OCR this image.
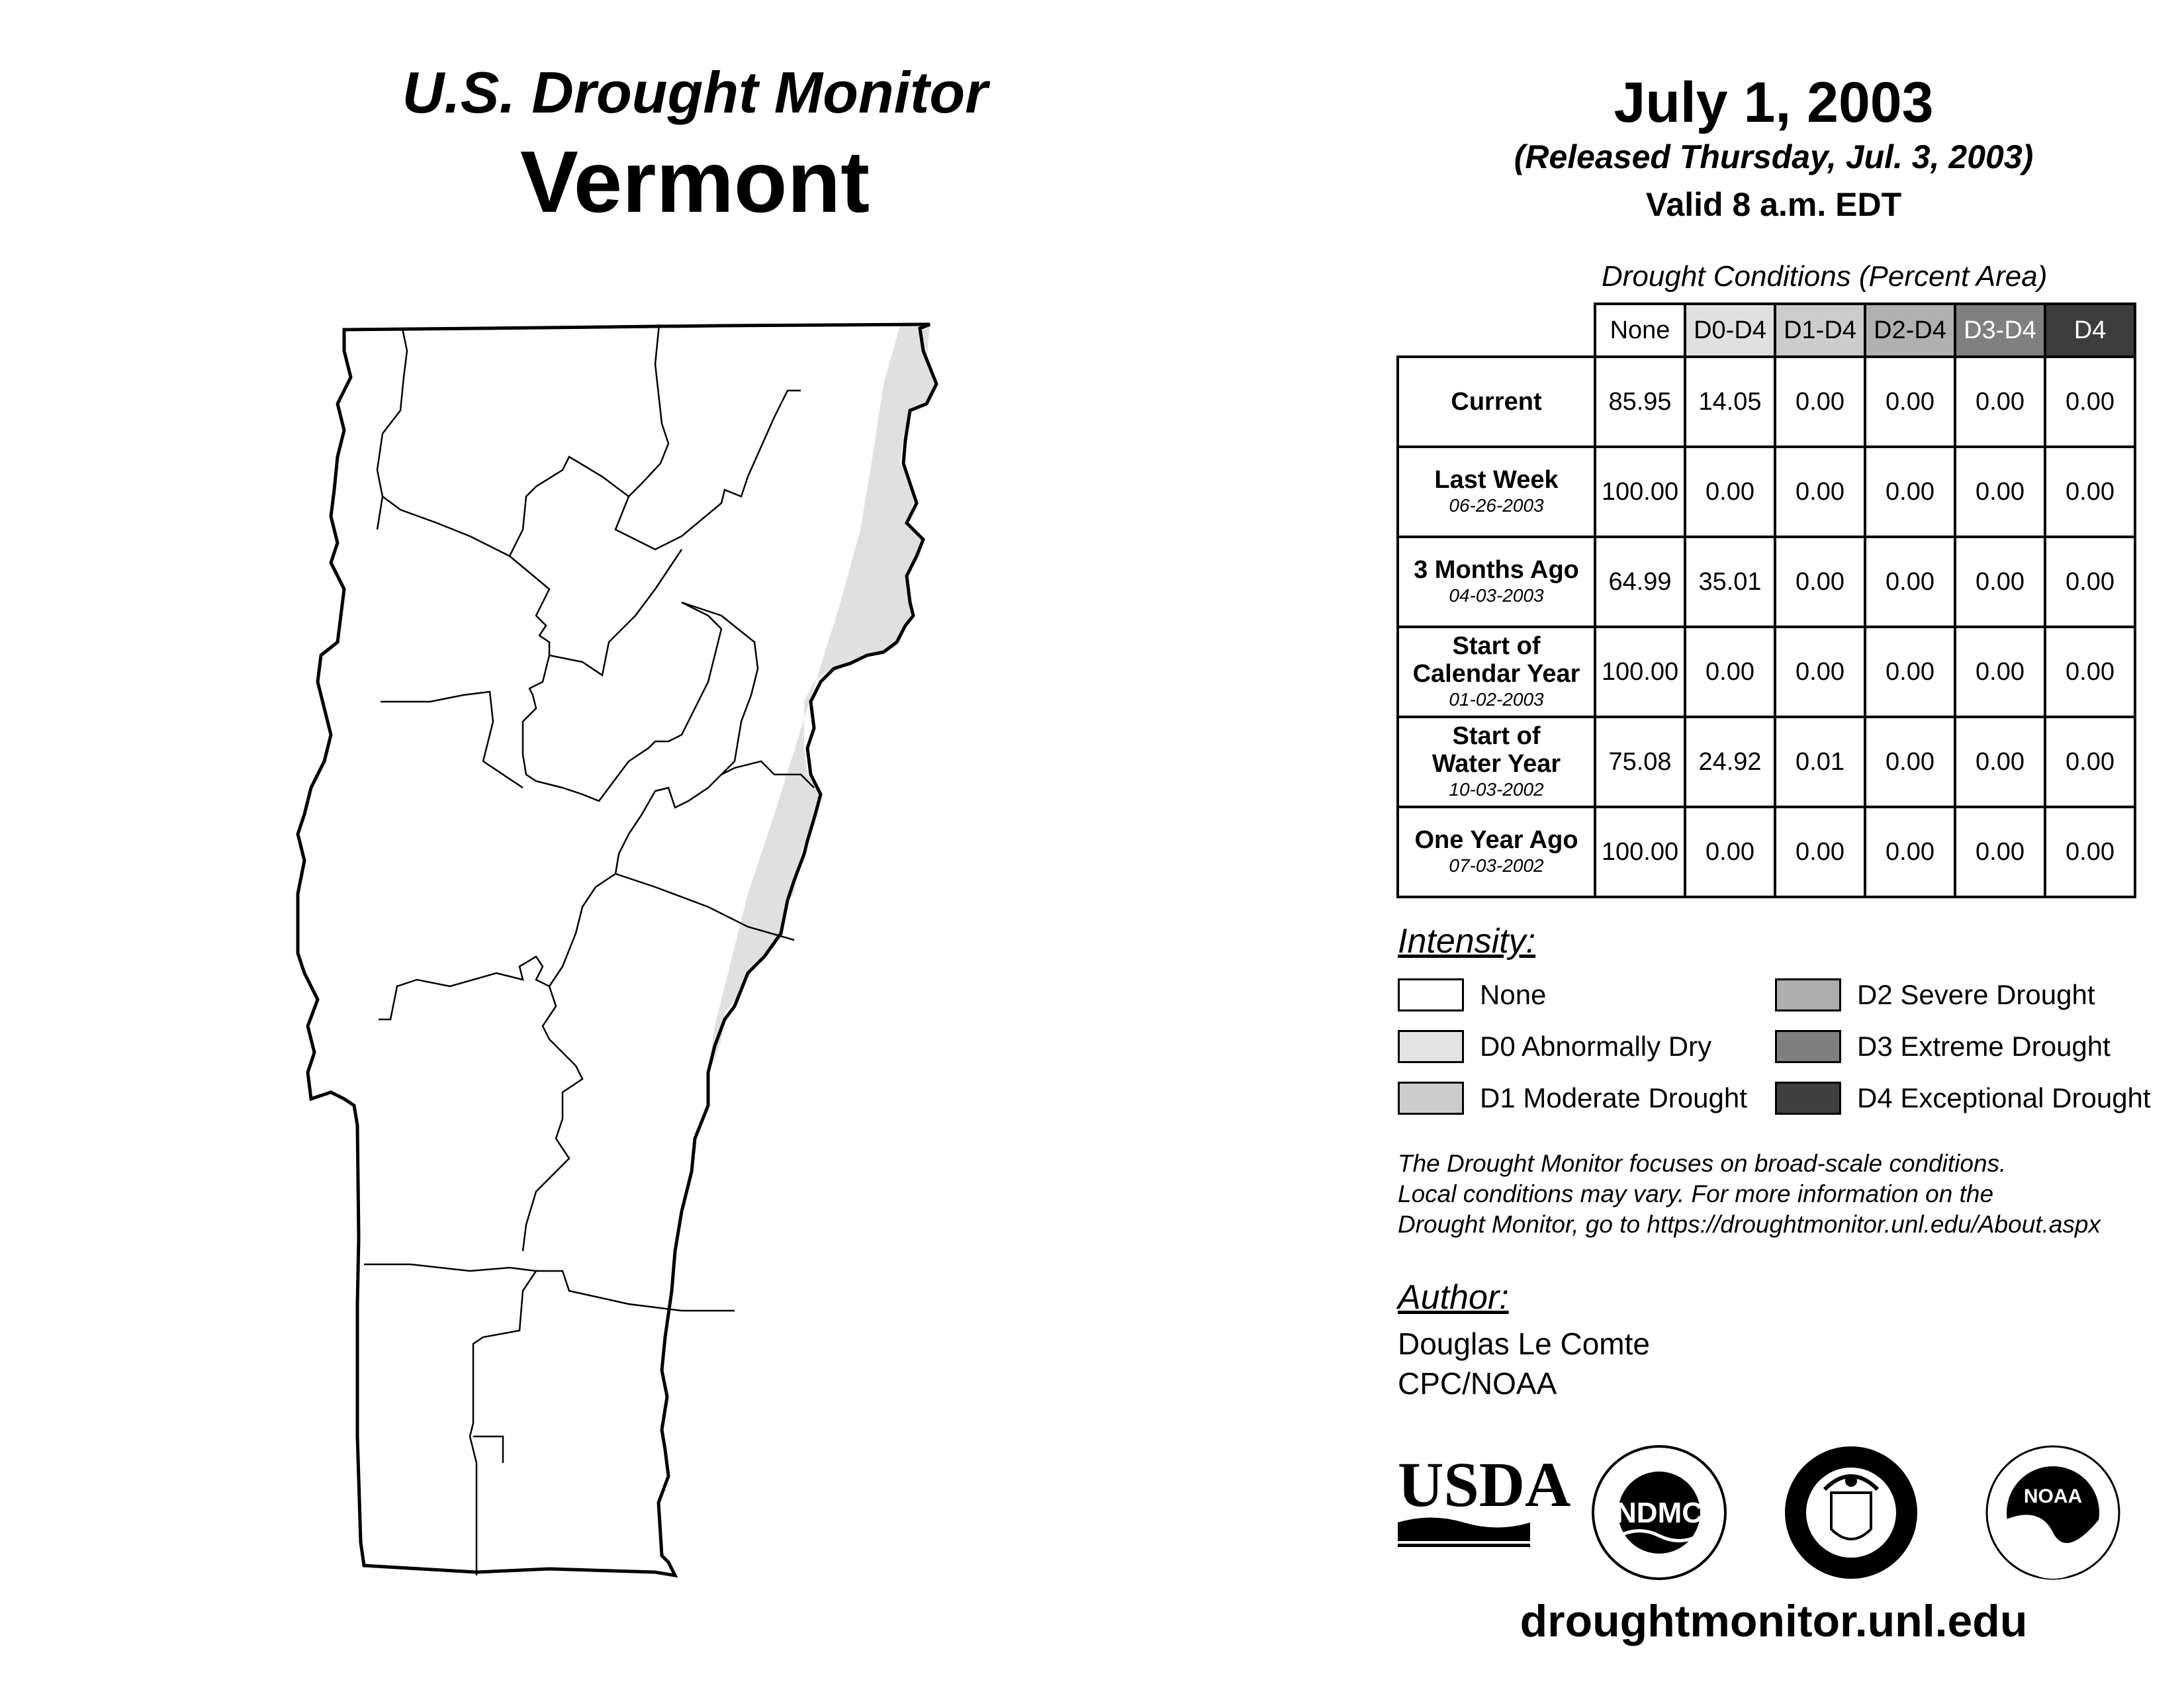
U.S. Drought Monitor
Vermont
July 1, 2003
(Released Thursday, Jul. 3, 2003)
Valid 8 a.m. EDT
Drought Conditions (Percent Area)
	None	D0-D4	D1-D4	D2-D4	D3-D4	D4
Current	85.95	14.05	0.00	0.00	0.00	0.00
Last Week
06-26-2003	100.00	0.00	0.00	0.00	0.00	0.00
3 Months Ago
04-03-2003	64.99	35.01	0.00	0.00	0.00	0.00
Start of
Calendar Year
01-02-2003	100.00	0.00	0.00	0.00	0.00	0.00
Start of
Water Year
10-03-2002	75.08	24.92	0.01	0.00	0.00	0.00
One Year Ago
07-03-2002	100.00	0.00	0.00	0.00	0.00	0.00
Intensity:
None
D0 Abnormally Dry
D1 Moderate Drought
D2 Severe Drought
D3 Extreme Drought
D4 Exceptional Drought
The Drought Monitor focuses on broad-scale conditions.
Local conditions may vary. For more information on the
Drought Monitor, go to https://droughtmonitor.unl.edu/About.aspx
Author:
Douglas Le Comte
CPC/NOAA
USDA NDMC
NOAA
droughtmonitor.unl.edu
